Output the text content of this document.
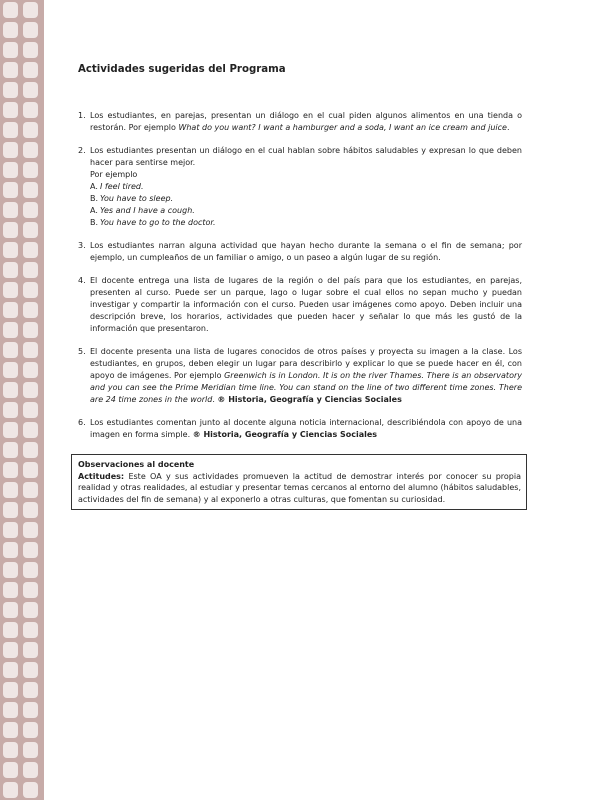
Actividades sugeridas del Programa
1. Los estudiantes, en parejas, presentan un diálogo en el cual piden algunos alimentos en una tienda o restorán. Por ejemplo What do you want? I want a hamburger and a soda, I want an ice cream and juice.
2. Los estudiantes presentan un diálogo en el cual hablan sobre hábitos saludables y expresan lo que deben hacer para sentirse mejor.
Por ejemplo
A. I feel tired.
B. You have to sleep.
A. Yes and I have a cough.
B. You have to go to the doctor.
3. Los estudiantes narran alguna actividad que hayan hecho durante la semana o el fin de semana; por ejemplo, un cumpleaños de un familiar o amigo, o un paseo a algún lugar de su región.
4. El docente entrega una lista de lugares de la región o del país para que los estudiantes, en parejas, presenten al curso. Puede ser un parque, lago o lugar sobre el cual ellos no sepan mucho y puedan investigar y compartir la información con el curso. Pueden usar imágenes como apoyo. Deben incluir una descripción breve, los horarios, actividades que pueden hacer y señalar lo que más les gustó de la información que presentaron.
5. El docente presenta una lista de lugares conocidos de otros países y proyecta su imagen a la clase. Los estudiantes, en grupos, deben elegir un lugar para describirlo y explicar lo que se puede hacer en él, con apoyo de imágenes. Por ejemplo Greenwich is in London. It is on the river Thames. There is an observatory and you can see the Prime Meridian time line. You can stand on the line of two different time zones. There are 24 time zones in the world. ® Historia, Geografía y Ciencias Sociales
6. Los estudiantes comentan junto al docente alguna noticia internacional, describiéndola con apoyo de una imagen en forma simple. ® Historia, Geografía y Ciencias Sociales
Observaciones al docente
Actitudes: Este OA y sus actividades promueven la actitud de demostrar interés por conocer su propia realidad y otras realidades, al estudiar y presentar temas cercanos al entorno del alumno (hábitos saludables, actividades del fin de semana) y al exponerlo a otras culturas, que fomentan su curiosidad.
